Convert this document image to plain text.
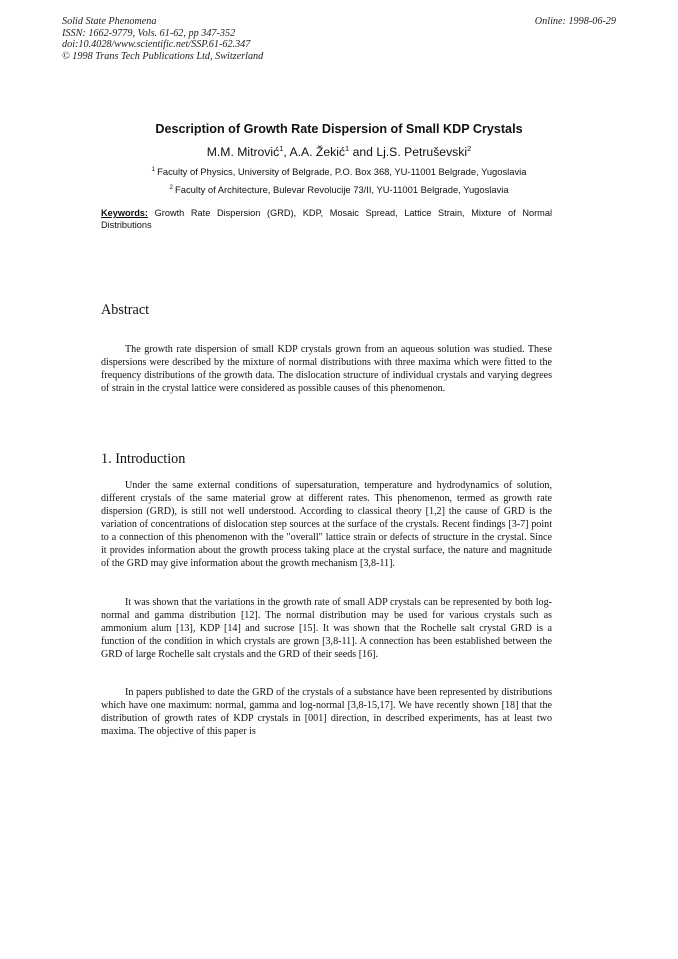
Solid State Phenomena
ISSN: 1662-9779, Vols. 61-62, pp 347-352
doi:10.4028/www.scientific.net/SSP.61-62.347
© 1998 Trans Tech Publications Ltd, Switzerland
Online: 1998-06-29
Description of Growth Rate Dispersion of Small KDP Crystals
M.M. Mitrović$^1$, A.A. Žekić$^1$ and Lj.S. Petruševski$^2$
$^1$ Faculty of Physics, University of Belgrade, P.O. Box 368, YU-11001 Belgrade, Yugoslavia
$^2$ Faculty of Architecture, Bulevar Revolucije 73/II, YU-11001 Belgrade, Yugoslavia
Keywords: Growth Rate Dispersion (GRD), KDP, Mosaic Spread, Lattice Strain, Mixture of Normal Distributions
Abstract

The growth rate dispersion of small KDP crystals grown from an aqueous solution was studied. These dispersions were described by the mixture of normal distributions with three maxima which were fitted to the frequency distributions of the growth data. The dislocation structure of individual crystals and varying degrees of strain in the crystal lattice were considered as possible causes of this phenomenon.

1. Introduction

Under the same external conditions of supersaturation, temperature and hydrodynamics of solution, different crystals of the same material grow at different rates. This phenomenon, termed as growth rate dispersion (GRD), is still not well understood. According to classical theory [1,2] the cause of GRD is the variation of concentrations of dislocation step sources at the surface of the crystals. Recent findings [3-7] point to a connection of this phenomenon with the "overall" lattice strain or defects of structure in the crystal. Since it provides information about the growth process taking place at the crystal surface, the nature and magnitude of the GRD may give information about the growth mechanism [3,8-11].

It was shown that the variations in the growth rate of small ADP crystals can be represented by both log-normal and gamma distribution [12]. The normal distribution may be used for various crystals such as ammonium alum [13], KDP [14] and sucrose [15]. It was shown that the Rochelle salt crystal GRD is a function of the condition in which crystals are grown [3,8-11]. A connection has been established between the GRD of large Rochelle salt crystals and the GRD of their seeds [16].

In papers published to date the GRD of the crystals of a substance have been represented by distributions which have one maximum: normal, gamma and log-normal [3,8-15,17]. We have recently shown [18] that the distribution of growth rates of KDP crystals in [001] direction, in described experiments, has at least two maxima. The objective of this paper is
